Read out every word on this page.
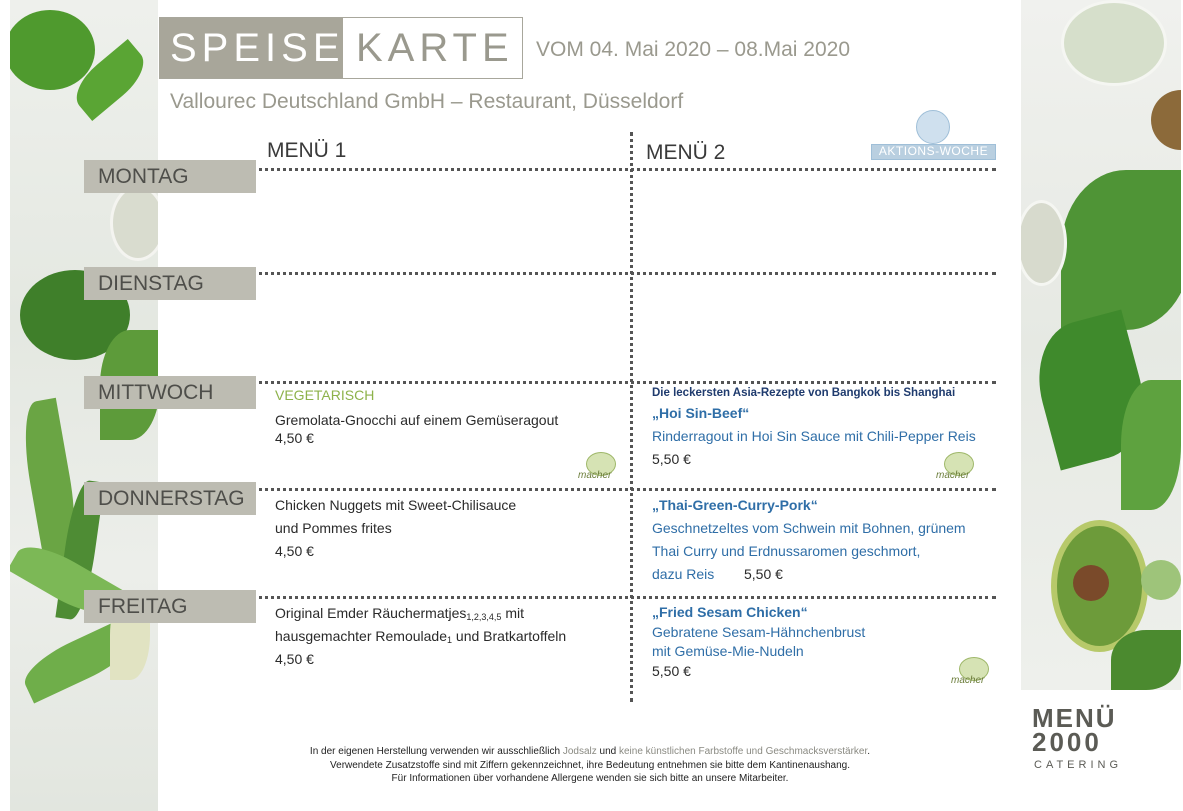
SPEISE KARTE VOM 04. Mai 2020 – 08.Mai 2020
Vallourec Deutschland GmbH – Restaurant, Düsseldorf
AKTIONS-WOCHE
MENÜ 1	MENÜ 2
MONTAG
DIENSTAG
MITTWOCH
DONNERSTAG
FREITAG
VEGETARISCH
Gremolata-Gnocchi auf einem Gemüseragout
4,50 €
Die leckersten Asia-Rezepte von Bangkok bis Shanghai
„Hoi Sin-Beef“
Rinderragout in Hoi Sin Sauce mit Chili-Pepper Reis
5,50 €
Chicken Nuggets mit Sweet-Chilisauce
und Pommes frites
4,50 €
„Thai-Green-Curry-Pork“
Geschnetzeltes vom Schwein mit Bohnen, grünem
Thai Curry und Erdnussaromen geschmort,
dazu Reis 5,50 €
Original Emder Räuchermatjes1,2,3,4,5 mit
hausgemachter Remoulade1 und Bratkartoffeln
4,50 €
„Fried Sesam Chicken“
Gebratene Sesam-Hähnchenbrust
mit Gemüse-Mie-Nudeln
5,50 €
macher	macher
macher
In der eigenen Herstellung verwenden wir ausschließlich Jodsalz und keine künstlichen Farbstoffe und Geschmacksverstärker.
Verwendete Zusatzstoffe sind mit Ziffern gekennzeichnet, ihre Bedeutung entnehmen sie bitte dem Kantinenaushang.
Für Informationen über vorhandene Allergene wenden sie sich bitte an unsere Mitarbeiter.
MENÜ
2000
CATERING
